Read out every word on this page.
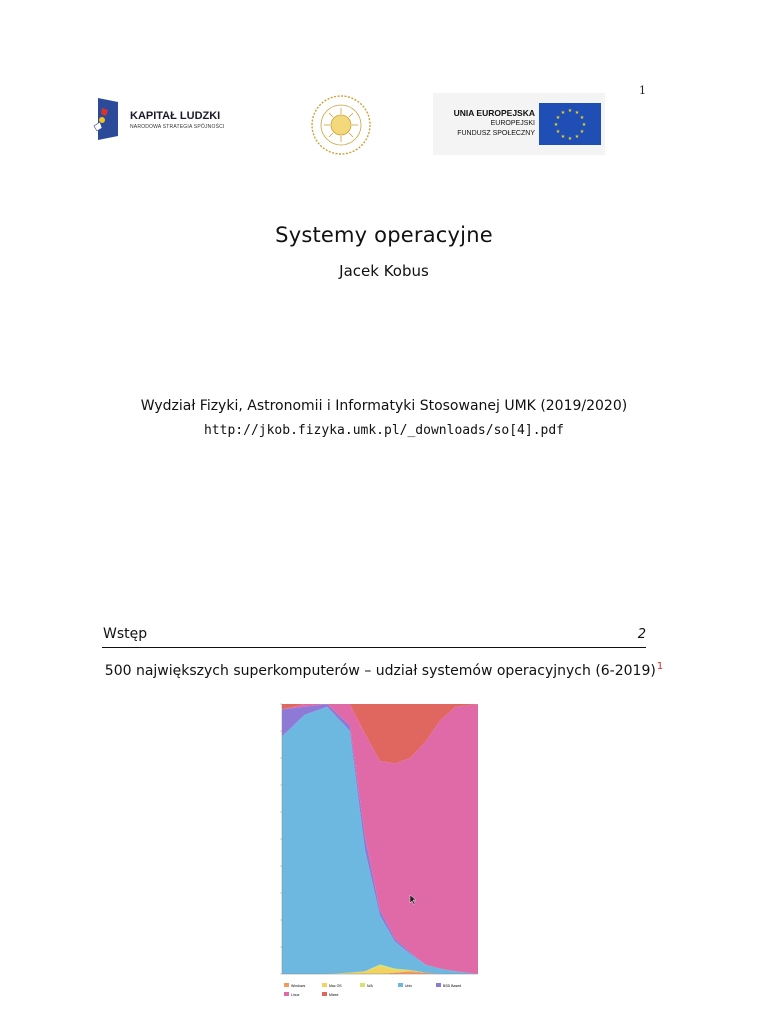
1
KAPITAŁ LUDZKI
NARODOWA STRATEGIA SPÓJNOŚCI
UNIA EUROPEJSKA
EUROPEJSKI
FUNDUSZ SPOŁECZNY
★ ★
★
★
★
★
★
★
★
★
★
★
Systemy operacyjne
Jacek Kobus
Wydział Fizyki, Astronomii i Informatyki Stosowanej UMK (2019/2020)
http://jkob.fizyka.umk.pl/_downloads/so[4].pdf
Wstęp	2
500 największych superkomputerów – udział systemów operacyjnych (6-2019)$^1$
Windows	Mac OS	N/A	Unix	BSD Based
Linux	Mixed
